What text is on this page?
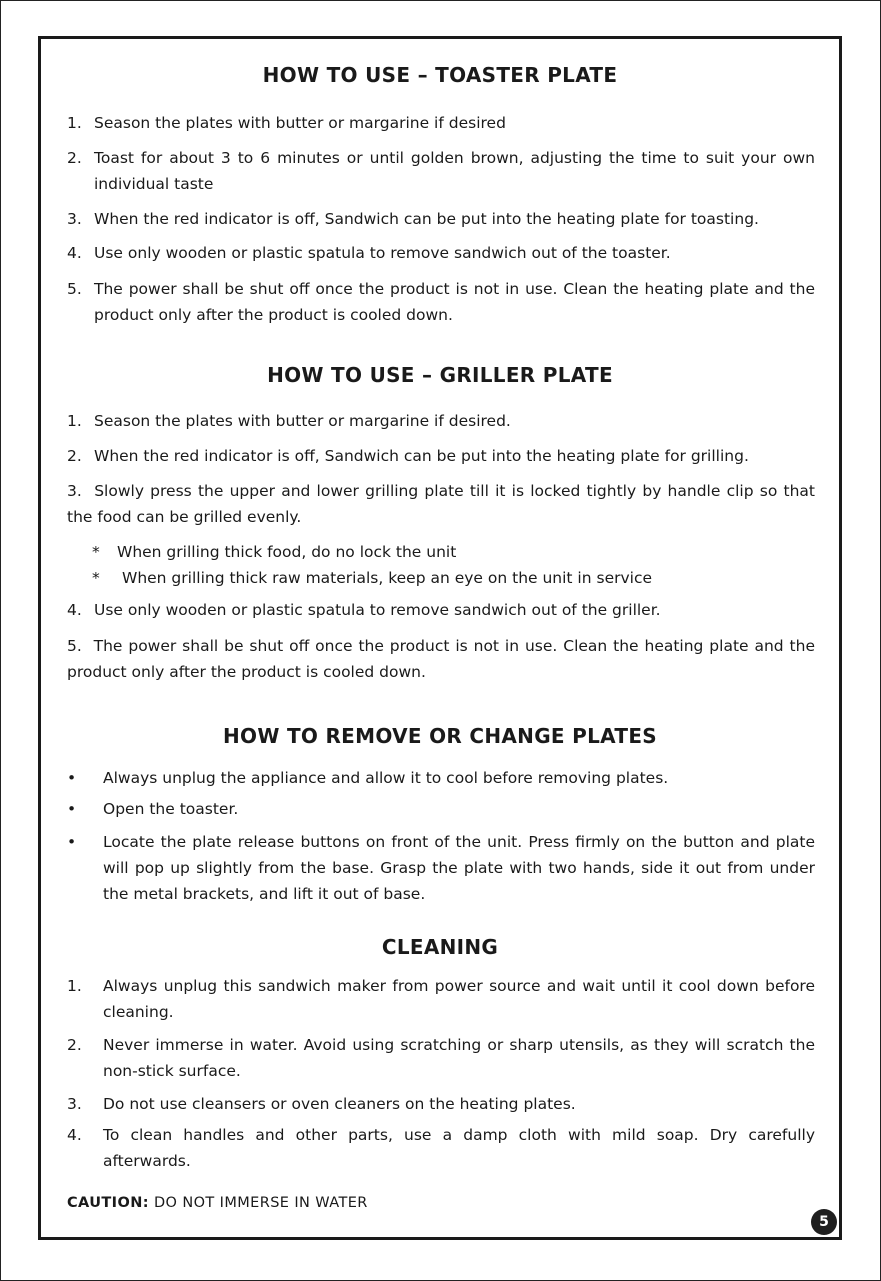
HOW TO USE – TOASTER PLATE
1. Season the plates with butter or margarine if desired
2. Toast for about 3 to 6 minutes or until golden brown, adjusting the time to suit your own individual taste
3. When the red indicator is off, Sandwich can be put into the heating plate for toasting.
4. Use only wooden or plastic spatula to remove sandwich out of the toaster.
5. The power shall be shut off once the product is not in use. Clean the heating plate and the product only after the product is cooled down.
HOW TO USE – GRILLER PLATE
1. Season the plates with butter or margarine if desired.
2. When the red indicator is off, Sandwich can be put into the heating plate for grilling.
3. Slowly press the upper and lower grilling plate till it is locked tightly by handle clip so that the food can be grilled evenly.
* When grilling thick food, do no lock the unit
* When grilling thick raw materials, keep an eye on the unit in service
4. Use only wooden or plastic spatula to remove sandwich out of the griller.
5. The power shall be shut off once the product is not in use. Clean the heating plate and the product only after the product is cooled down.
HOW TO REMOVE OR CHANGE PLATES
• Always unplug the appliance and allow it to cool before removing plates.
• Open the toaster.
• Locate the plate release buttons on front of the unit. Press firmly on the button and plate will pop up slightly from the base. Grasp the plate with two hands, side it out from under the metal brackets, and lift it out of base.
CLEANING
1. Always unplug this sandwich maker from power source and wait until it cool down before cleaning.
2. Never immerse in water. Avoid using scratching or sharp utensils, as they will scratch the non-stick surface.
3. Do not use cleansers or oven cleaners on the heating plates.
4. To clean handles and other parts, use a damp cloth with mild soap. Dry carefully afterwards.
CAUTION: DO NOT IMMERSE IN WATER
5
